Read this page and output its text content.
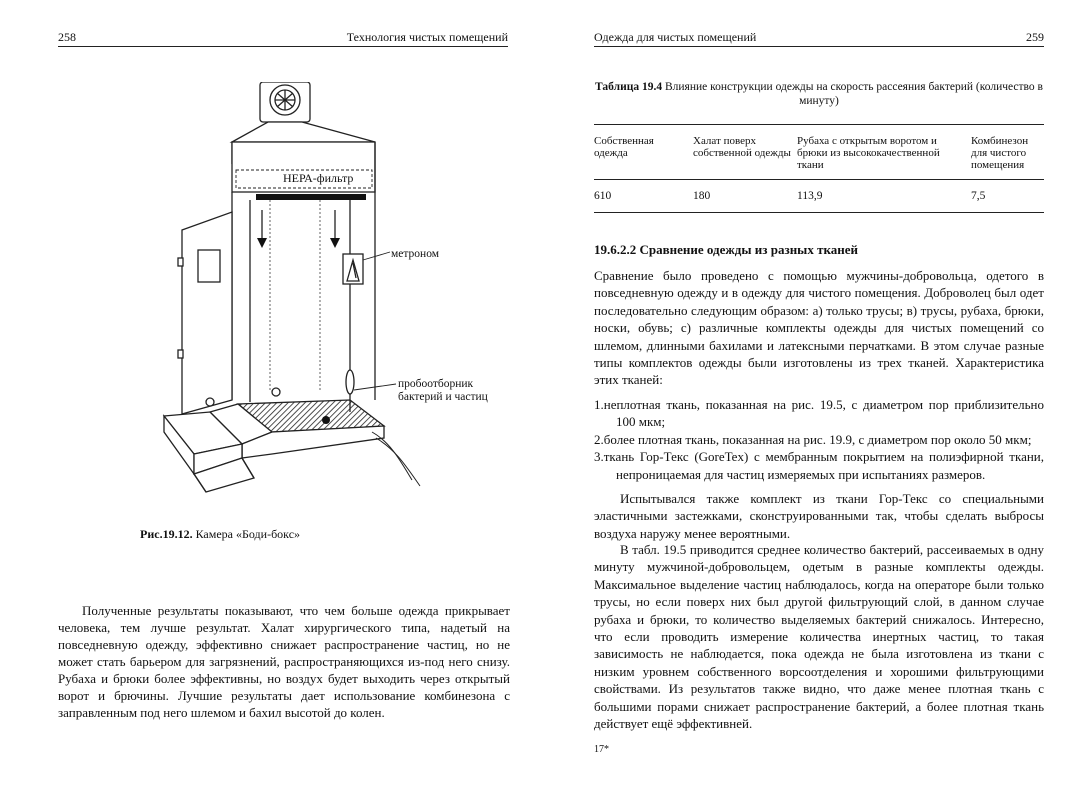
258	Технология чистых помещений
НЕРА-фильтр
метроном
пробоотборник
бактерий и частиц
Рис.19.12. Камера «Боди-бокс»

Полученные результаты показывают, что чем больше одежда прикрывает человека, тем лучше результат. Халат хирургического типа, надетый на повседневную одежду, эффективно снижает распространение частиц, но не может стать барьером для загрязнений, распространяющихся из-под него снизу. Рубаха и брюки более эффективны, но воздух будет выходить через открытый ворот и брючины. Лучшие результаты дает использование комбинезона с заправленным под него шлемом и бахил высотой до колен.

Одежда для чистых помещений	259
Таблица 19.4 Влияние конструкции одежды на скорость рассеяния бактерий (количество в минуту)
Собственная одежда	Халат поверх собственной одежды	Рубаха с открытым воротом и брюки из высококачественной ткани	Комбинезон для чистого помещения
610	180	113,9	7,5
19.6.2.2 Сравнение одежды из разных тканей

Сравнение было проведено с помощью мужчины-добровольца, одетого в повседневную одежду и в одежду для чистого помещения. Доброволец был одет последовательно следующим образом: а) только трусы; в) трусы, рубаха, брюки, носки, обувь; с) различные комплекты одежды для чистых помещений со шлемом, длинными бахилами и латексными перчатками. В этом случае разные типы комплектов одежды были изготовлены из трех тканей. Характеристика этих тканей:

1.неплотная ткань, показанная на рис. 19.5, с диаметром пор приблизительно 100 мкм;
2.более плотная ткань, показанная на рис. 19.9, с диаметром пор около 50 мкм;
3.ткань Гор-Текс (GoreTex) с мембранным покрытием на полиэфирной ткани, непроницаемая для частиц измеряемых при испытаниях размеров.

Испытывался также комплект из ткани Гор-Текс со специальными эластичными застежками, сконструированными так, чтобы сделать выбросы воздуха наружу менее вероятными.

В табл. 19.5 приводится среднее количество бактерий, рассеиваемых в одну минуту мужчиной-добровольцем, одетым в разные комплекты одежды. Максимальное выделение частиц наблюдалось, когда на операторе были только трусы, но если поверх них был другой фильтрующий слой, в данном случае рубаха и брюки, то количество выделяемых бактерий снижалось. Интересно, что если проводить измерение количества инертных частиц, то такая зависимость не наблюдается, пока одежда не была изготовлена из ткани с низким уровнем собственного ворсоотделения и хорошими фильтрующими свойствами. Из результатов также видно, что даже менее плотная ткань с большими порами снижает распространение бактерий, а более плотная ткань действует ещё эффективней.

17*
